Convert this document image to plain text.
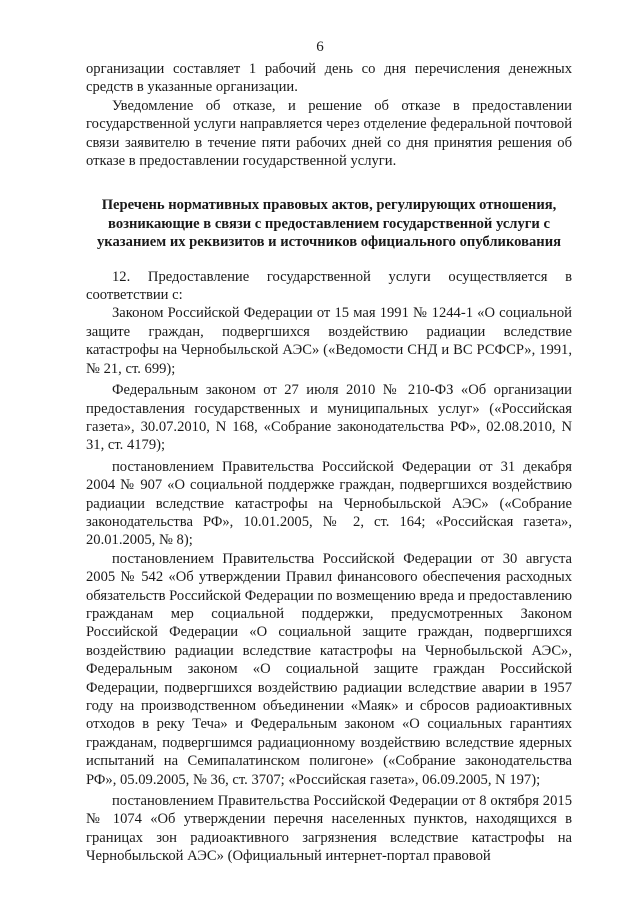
6

организации составляет 1 рабочий день со дня перечисления денежных средств в указанные организации.

Уведомление об отказе, и решение об отказе в предоставлении государственной услуги направляется через отделение федеральной почтовой связи заявителю в течение пяти рабочих дней со дня принятия решения об отказе в предоставлении государственной услуги.

Перечень нормативных правовых актов, регулирующих отношения, возникающие в связи с предоставлением государственной услуги с указанием их реквизитов и источников официального опубликования

12. Предоставление государственной услуги осуществляется в соответствии с:

Законом Российской Федерации от 15 мая 1991 № 1244-1 «О социальной защите граждан, подвергшихся воздействию радиации вследствие катастрофы на Чернобыльской АЭС» («Ведомости СНД и ВС РСФСР», 1991, № 21, ст. 699);

Федеральным законом от 27 июля 2010 № 210-ФЗ «Об организации предоставления государственных и муниципальных услуг» («Российская газета», 30.07.2010, N 168, «Собрание законодательства РФ», 02.08.2010, N 31, ст. 4179);

постановлением Правительства Российской Федерации от 31 декабря 2004 № 907 «О социальной поддержке граждан, подвергшихся воздействию радиации вследствие катастрофы на Чернобыльской АЭС» («Собрание законодательства РФ», 10.01.2005, № 2, ст. 164; «Российская газета», 20.01.2005, № 8);

постановлением Правительства Российской Федерации от 30 августа 2005 № 542 «Об утверждении Правил финансового обеспечения расходных обязательств Российской Федерации по возмещению вреда и предоставлению гражданам мер социальной поддержки, предусмотренных Законом Российской Федерации «О социальной защите граждан, подвергшихся воздействию радиации вследствие катастрофы на Чернобыльской АЭС», Федеральным законом «О социальной защите граждан Российской Федерации, подвергшихся воздействию радиации вследствие аварии в 1957 году на производственном объединении «Маяк» и сбросов радиоактивных отходов в реку Теча» и Федеральным законом «О социальных гарантиях гражданам, подвергшимся радиационному воздействию вследствие ядерных испытаний на Семипалатинском полигоне» («Собрание законодательства РФ», 05.09.2005, № 36, ст. 3707; «Российская газета», 06.09.2005, N 197);

постановлением Правительства Российской Федерации от 8 октября 2015 № 1074 «Об утверждении перечня населенных пунктов, находящихся в границах зон радиоактивного загрязнения вследствие катастрофы на Чернобыльской АЭС» (Официальный интернет-портал правовой
